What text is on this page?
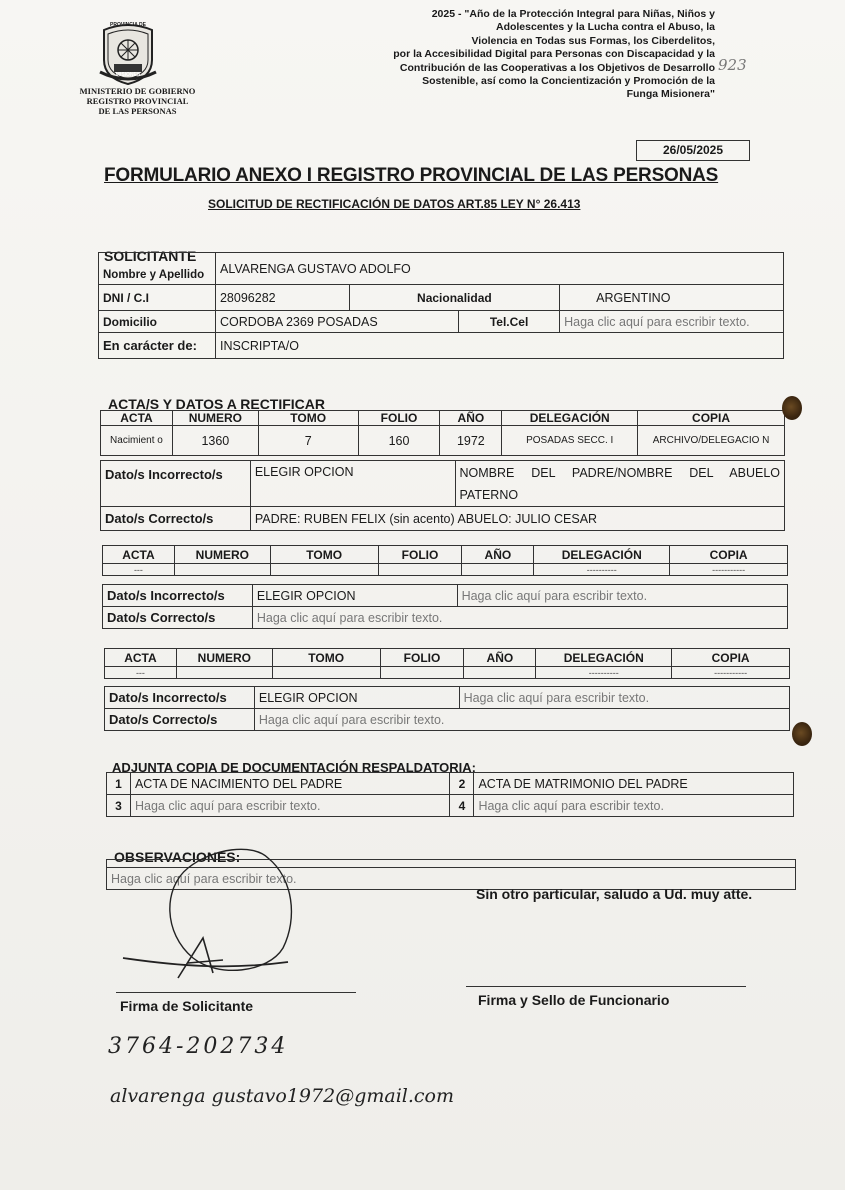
PROVINCIA DE
MISIONES
MINISTERIO DE GOBIERNO
REGISTRO PROVINCIAL
DE LAS PERSONAS
2025 - "Año de la Protección Integral para Niñas, Niños y
Adolescentes y la Lucha contra el Abuso, la
Violencia en Todas sus Formas, los Ciberdelitos,
por la Accesibilidad Digital para Personas con Discapacidad y la
Contribución de las Cooperativas a los Objetivos de Desarrollo
Sostenible, así como la Concientización y Promoción de la
Funga Misionera"
923
26/05/2025
FORMULARIO ANEXO I REGISTRO PROVINCIAL DE LAS PERSONAS
SOLICITUD DE RECTIFICACIÓN DE DATOS ART.85 LEY N° 26.413
SOLICITANTE
Nombre y Apellido	ALVARENGA GUSTAVO ADOLFO			
DNI / C.I	28096282	Nacionalidad		ARGENTINO
Domicilio	CORDOBA 2369 POSADAS		Tel.Cel	Haga clic aquí para escribir texto.
En carácter de:	INSCRIPTA/O			
ACTA/S Y DATOS A RECTIFICAR
ACTA	NUMERO	TOMO	FOLIO	AÑO	DELEGACIÓN	COPIA
Nacimient o	1360	7	160	1972	POSADAS SECC. I	ARCHIVO/DELEGACIO N
Dato/s Incorrecto/s	ELEGIR OPCION	NOMBRE DEL PADRE/NOMBRE DEL ABUELO PATERNO
Dato/s Correcto/s	PADRE: RUBEN FELIX (sin acento) ABUELO: JULIO CESAR	
ACTA	NUMERO	TOMO	FOLIO	AÑO	DELEGACIÓN	COPIA
---					----------	-----------
Dato/s Incorrecto/s	ELEGIR OPCION	Haga clic aquí para escribir texto.
Dato/s Correcto/s	Haga clic aquí para escribir texto.	
ACTA	NUMERO	TOMO	FOLIO	AÑO	DELEGACIÓN	COPIA
---					----------	-----------
Dato/s Incorrecto/s	ELEGIR OPCION	Haga clic aquí para escribir texto.
Dato/s Correcto/s	Haga clic aquí para escribir texto.	
ADJUNTA COPIA DE DOCUMENTACIÓN RESPALDATORIA:
1	ACTA DE NACIMIENTO DEL PADRE	2	ACTA DE MATRIMONIO DEL PADRE
3	Haga clic aquí para escribir texto.	4	Haga clic aquí para escribir texto.
OBSERVACIONES:

Haga clic aquí para escribir texto.
Sin otro particular, saludo a Ud. muy atte.
Firma de Solicitante	Firma y Sello de Funcionario
3764-202734
alvarenga gustavo1972@gmail.com
